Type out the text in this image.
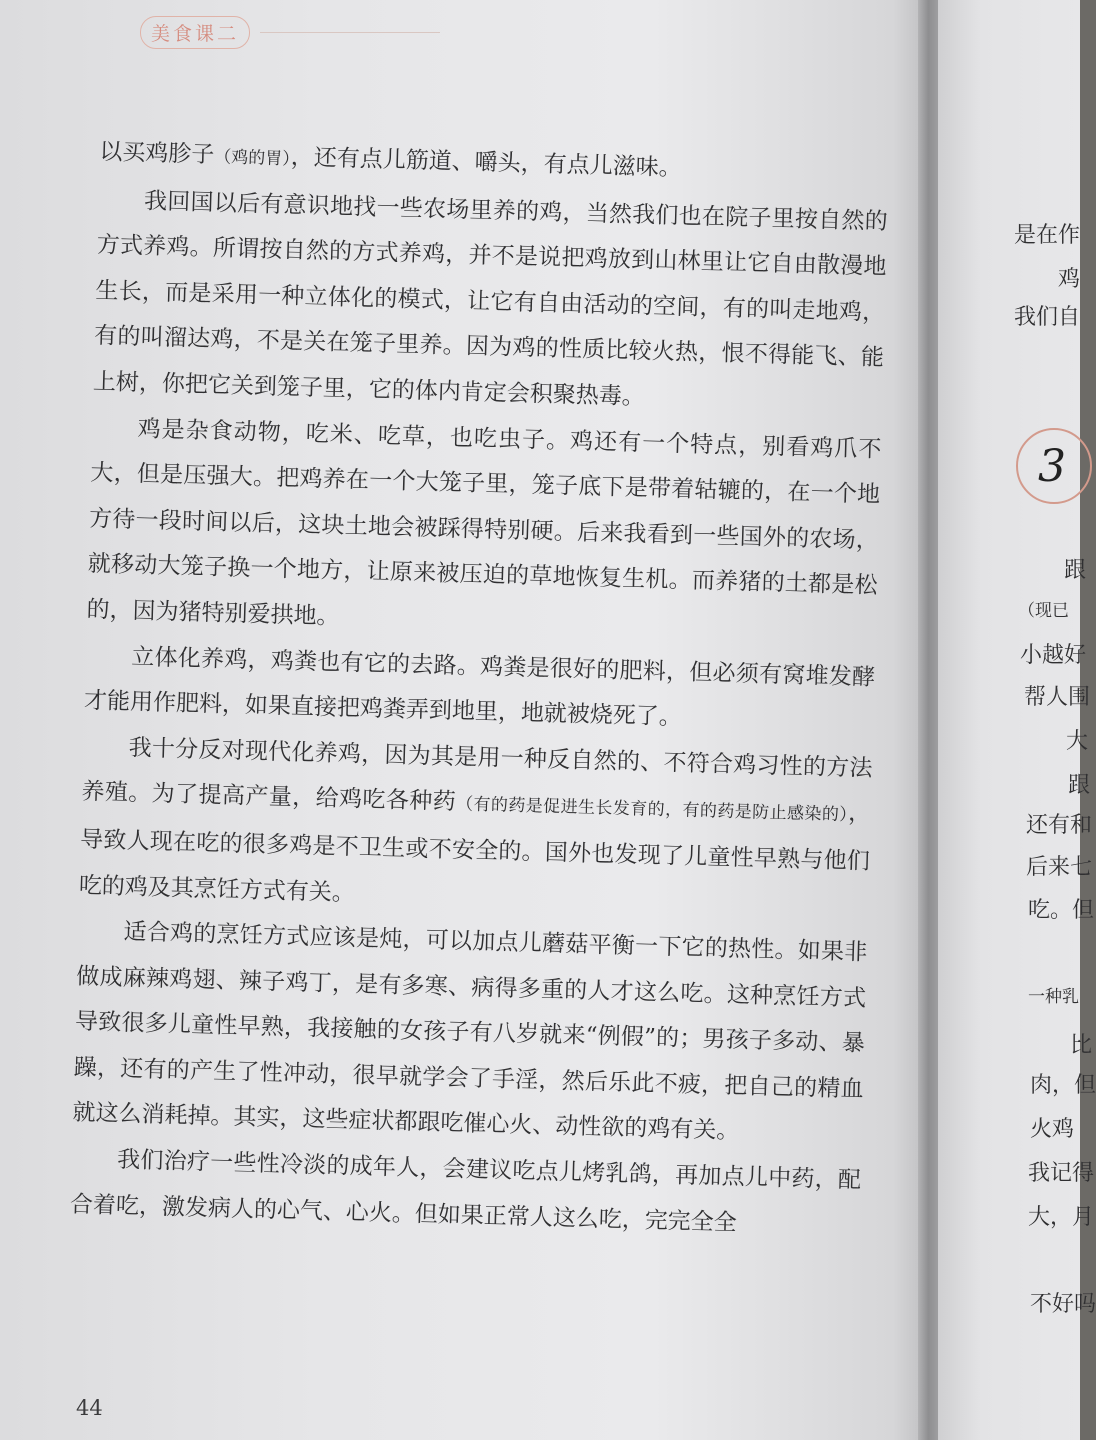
美食课二

以买鸡胗子（鸡的胃），还有点儿筋道、嚼头，有点儿滋味。

我回国以后有意识地找一些农场里养的鸡，当然我们也在院子里按自然的方式养鸡。所谓按自然的方式养鸡，并不是说把鸡放到山林里让它自由散漫地生长，而是采用一种立体化的模式，让它有自由活动的空间，有的叫走地鸡，有的叫溜达鸡，不是关在笼子里养。因为鸡的性质比较火热，恨不得能飞、能上树，你把它关到笼子里，它的体内肯定会积聚热毒。

鸡是杂食动物，吃米、吃草，也吃虫子。鸡还有一个特点，别看鸡爪不大，但是压强大。把鸡养在一个大笼子里，笼子底下是带着轱辘的，在一个地方待一段时间以后，这块土地会被踩得特别硬。后来我看到一些国外的农场，就移动大笼子换一个地方，让原来被压迫的草地恢复生机。而养猪的土都是松的，因为猪特别爱拱地。

立体化养鸡，鸡粪也有它的去路。鸡粪是很好的肥料，但必须有窝堆发酵才能用作肥料，如果直接把鸡粪弄到地里，地就被烧死了。

我十分反对现代化养鸡，因为其是用一种反自然的、不符合鸡习性的方法养殖。为了提高产量，给鸡吃各种药（有的药是促进生长发育的，有的药是防止感染的），导致人现在吃的很多鸡是不卫生或不安全的。国外也发现了儿童性早熟与他们吃的鸡及其烹饪方式有关。

适合鸡的烹饪方式应该是炖，可以加点儿蘑菇平衡一下它的热性。如果非做成麻辣鸡翅、辣子鸡丁，是有多寒、病得多重的人才这么吃。这种烹饪方式导致很多儿童性早熟，我接触的女孩子有八岁就来“例假”的；男孩子多动、暴躁，还有的产生了性冲动，很早就学会了手淫，然后乐此不疲，把自己的精血就这么消耗掉。其实，这些症状都跟吃催心火、动性欲的鸡有关。

我们治疗一些性冷淡的成年人，会建议吃点儿烤乳鸽，再加点儿中药，配合着吃，激发病人的心气、心火。但如果正常人这么吃，完完全全

44
3
是在作
鸡
我们自
跟
（现已
小越好
帮人围
大
跟
还有和
后来七
吃。但
一种乳
比
肉，但
火鸡
我记得
大，月
不好吗
